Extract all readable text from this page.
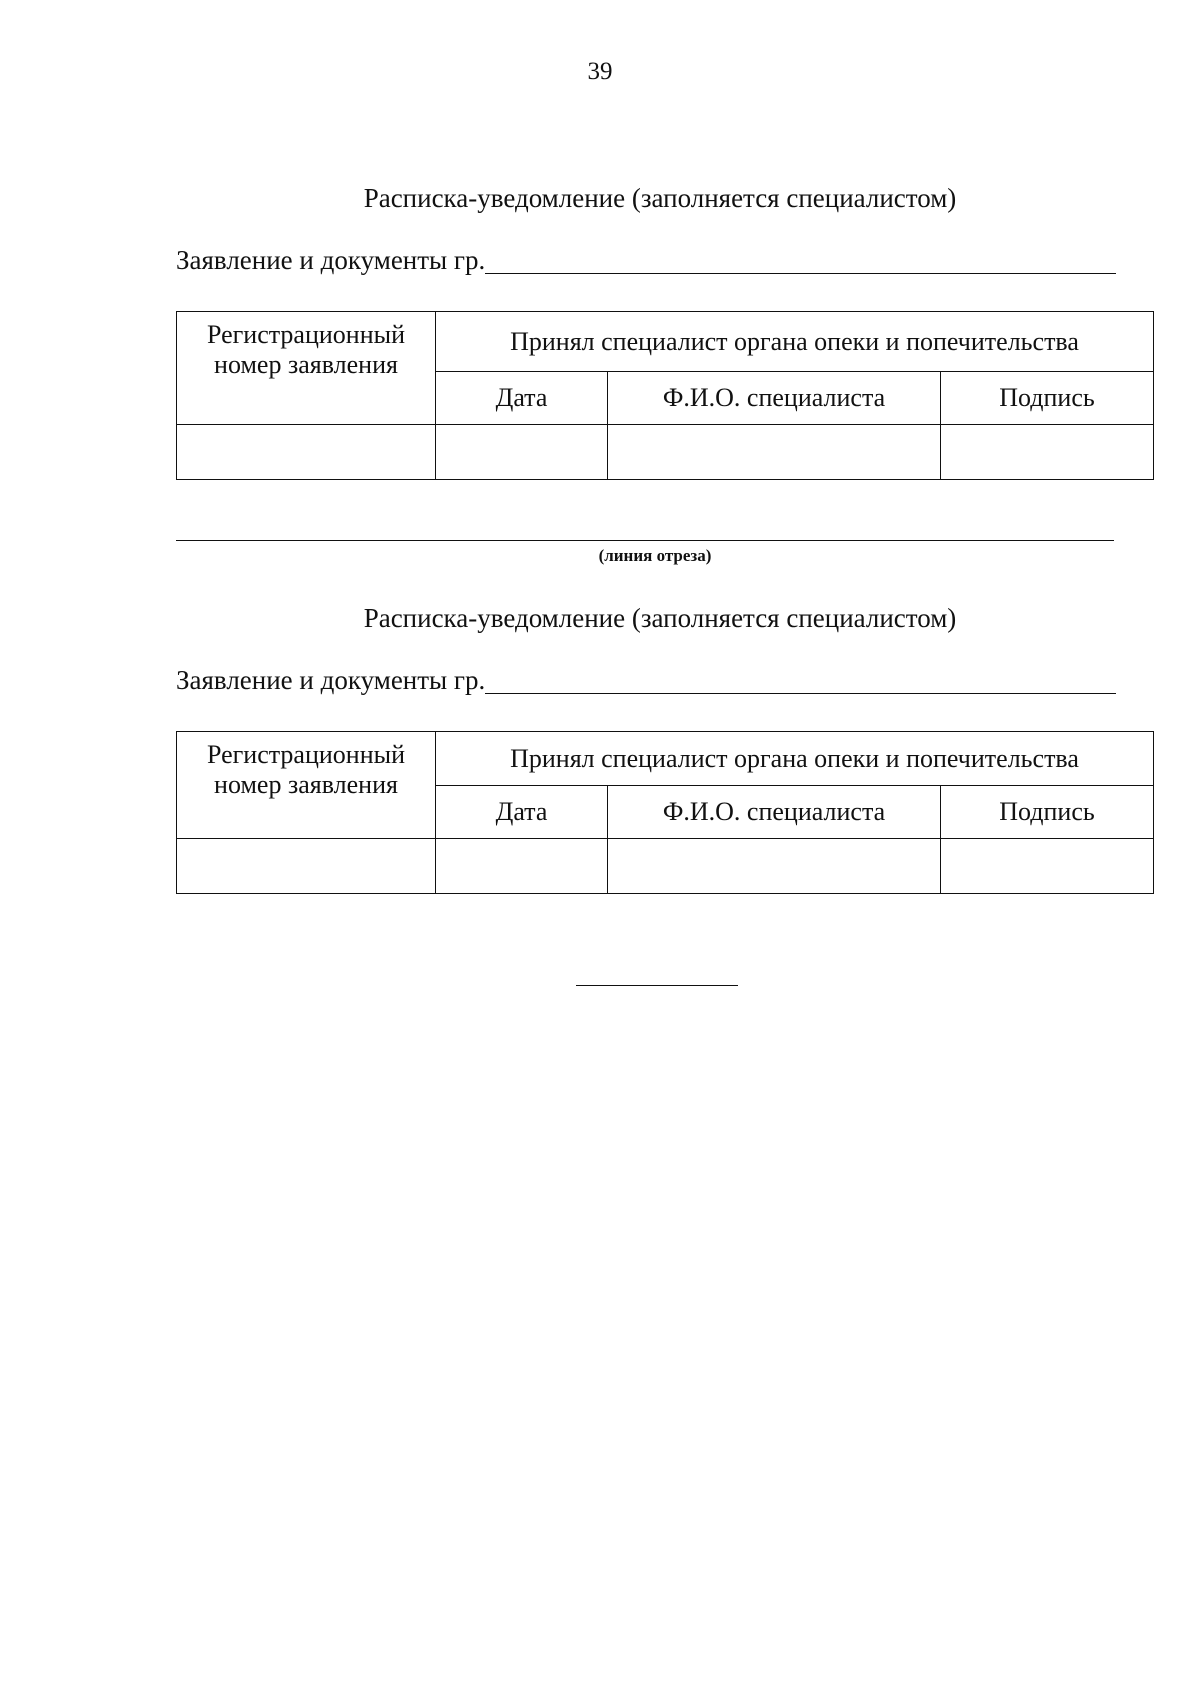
39
Расписка-уведомление (заполняется специалистом)
Заявление и документы гр.
Регистрационный
номер заявления	Принял специалист органа опеки и попечительства		
	Дата	Ф.И.О. специалиста	Подпись

(линия отреза)
Расписка-уведомление (заполняется специалистом)
Заявление и документы гр.
Регистрационный
номер заявления	Принял специалист органа опеки и попечительства		
	Дата	Ф.И.О. специалиста	Подпись
